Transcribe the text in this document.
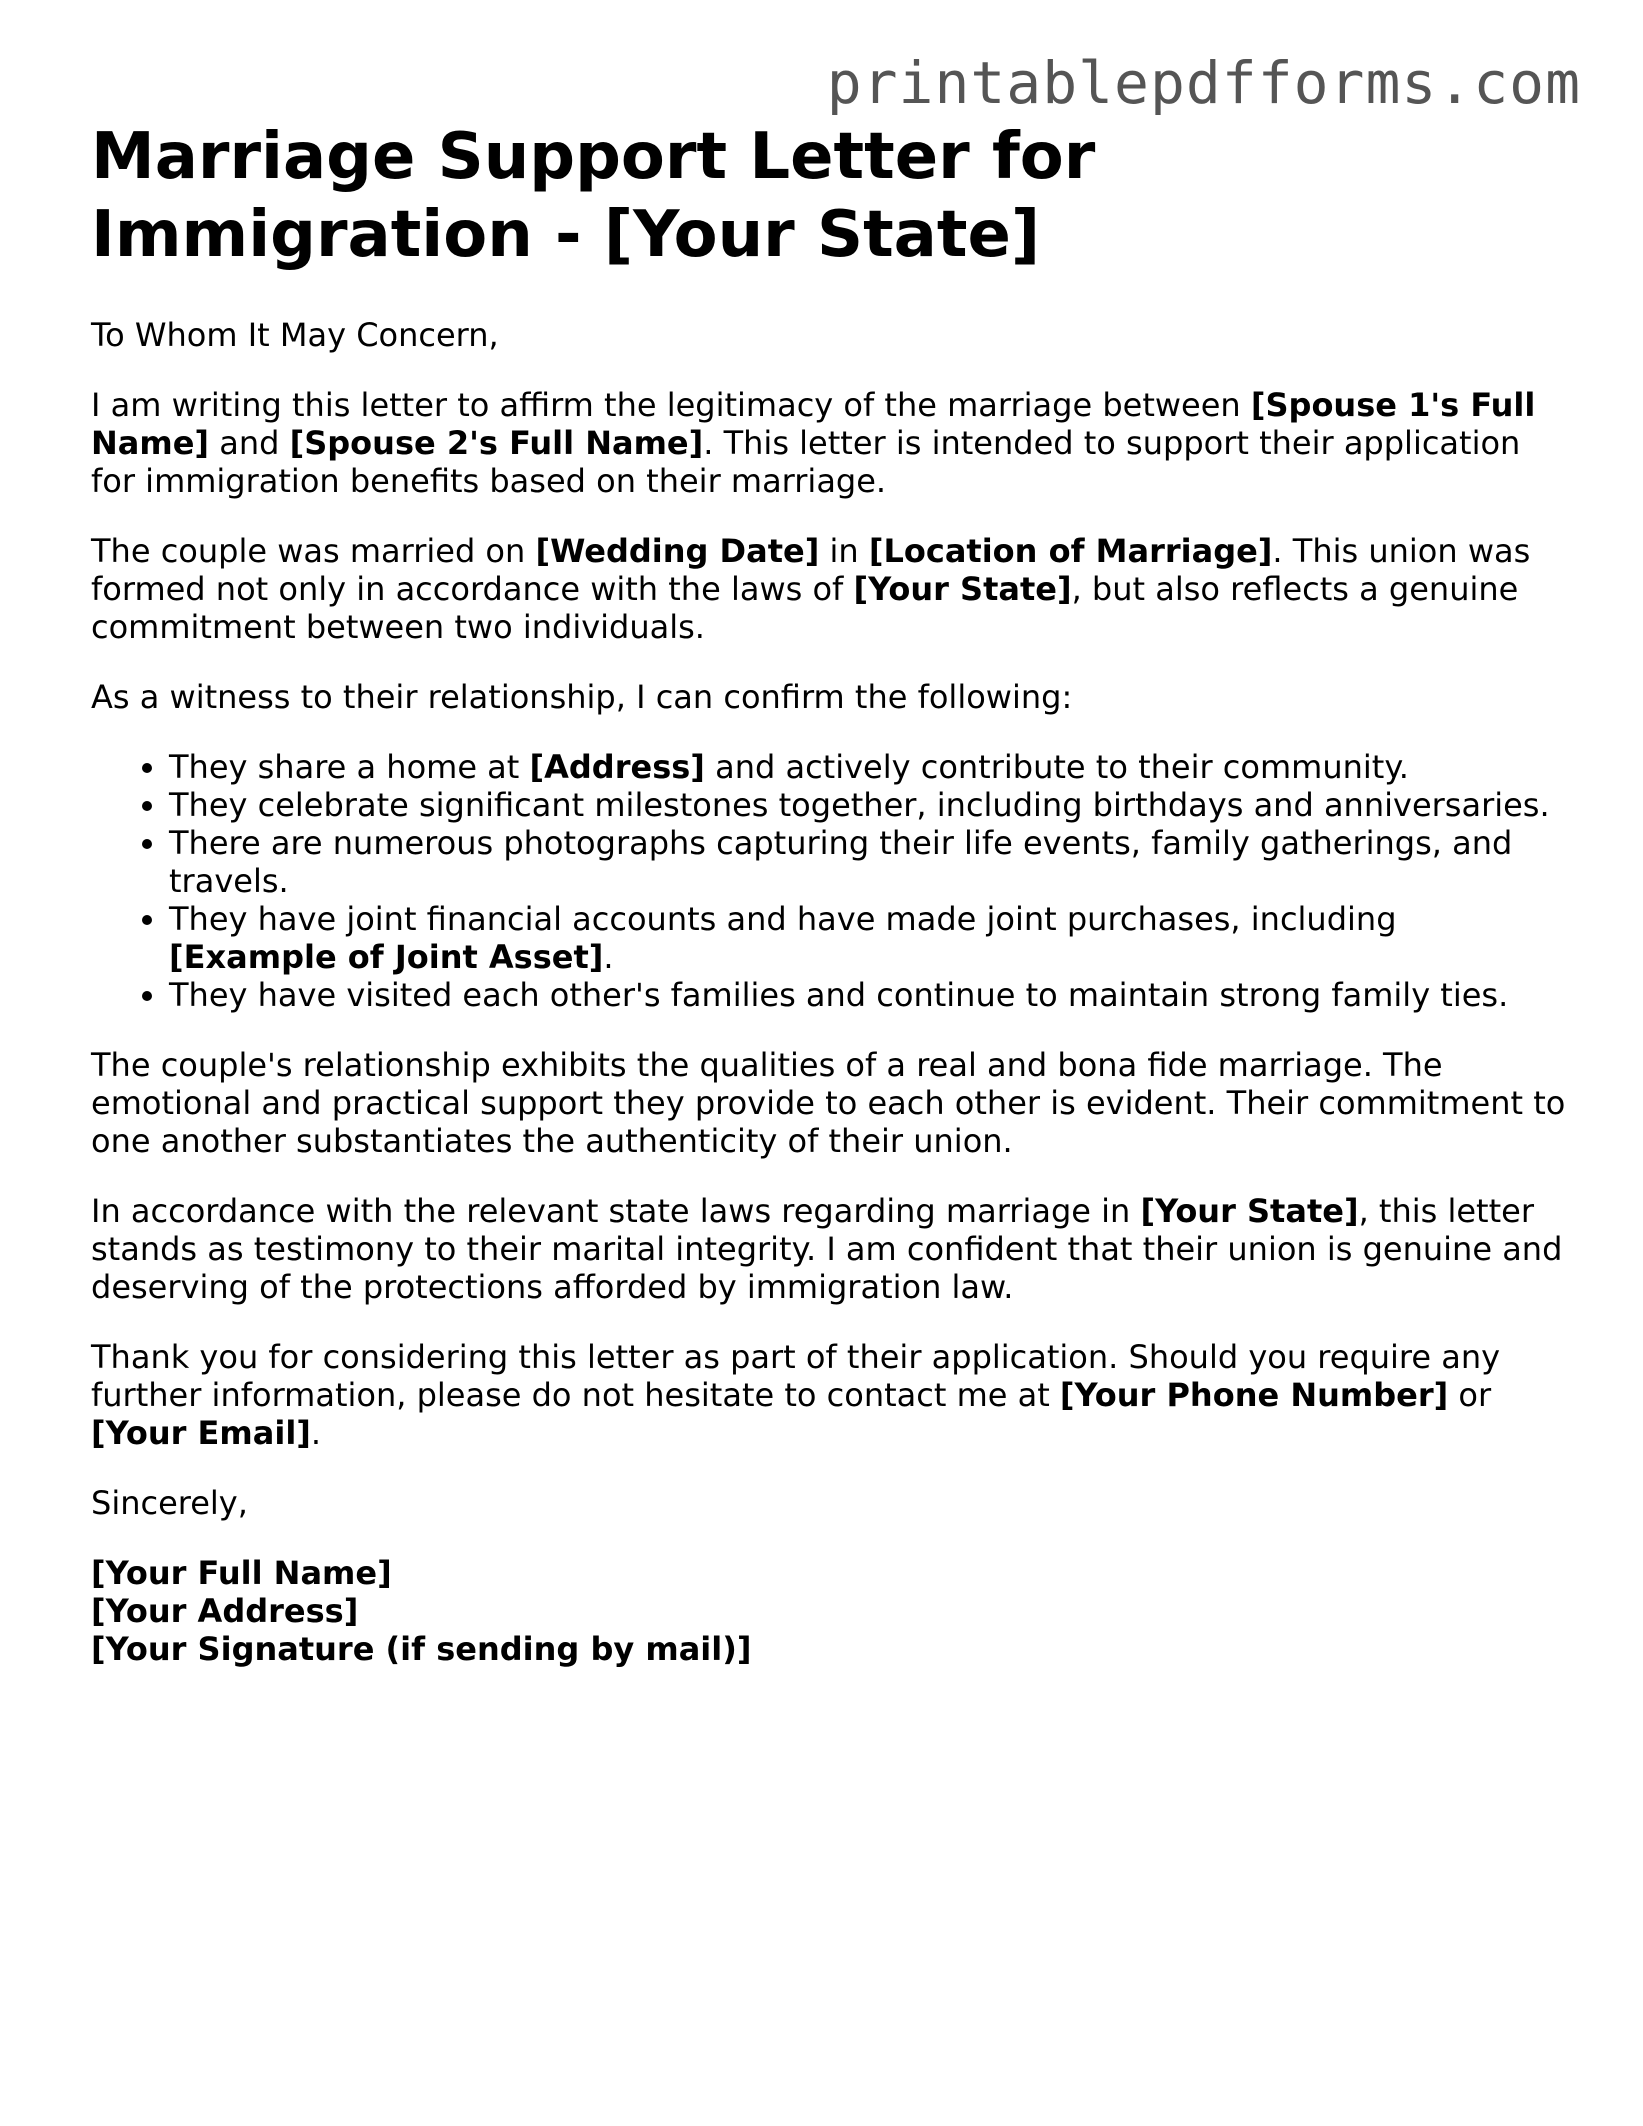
printablepdfforms.com
Marriage Support Letter for Immigration - [Your State]

To Whom It May Concern,

I am writing this letter to affirm the legitimacy of the marriage between [Spouse 1's Full Name] and [Spouse 2's Full Name]. This letter is intended to support their application for immigration benefits based on their marriage.

The couple was married on [Wedding Date] in [Location of Marriage]. This union was formed not only in accordance with the laws of [Your State], but also reflects a genuine commitment between two individuals.

As a witness to their relationship, I can confirm the following:

• They share a home at [Address] and actively contribute to their community.
• They celebrate significant milestones together, including birthdays and anniversaries.
• There are numerous photographs capturing their life events, family gatherings, and travels.
• They have joint financial accounts and have made joint purchases, including [Example of Joint Asset].
• They have visited each other's families and continue to maintain strong family ties.

The couple's relationship exhibits the qualities of a real and bona fide marriage. The emotional and practical support they provide to each other is evident. Their commitment to one another substantiates the authenticity of their union.

In accordance with the relevant state laws regarding marriage in [Your State], this letter stands as testimony to their marital integrity. I am confident that their union is genuine and deserving of the protections afforded by immigration law.

Thank you for considering this letter as part of their application. Should you require any further information, please do not hesitate to contact me at [Your Phone Number] or [Your Email].

Sincerely,

[Your Full Name]
[Your Address]
[Your Signature (if sending by mail)]
